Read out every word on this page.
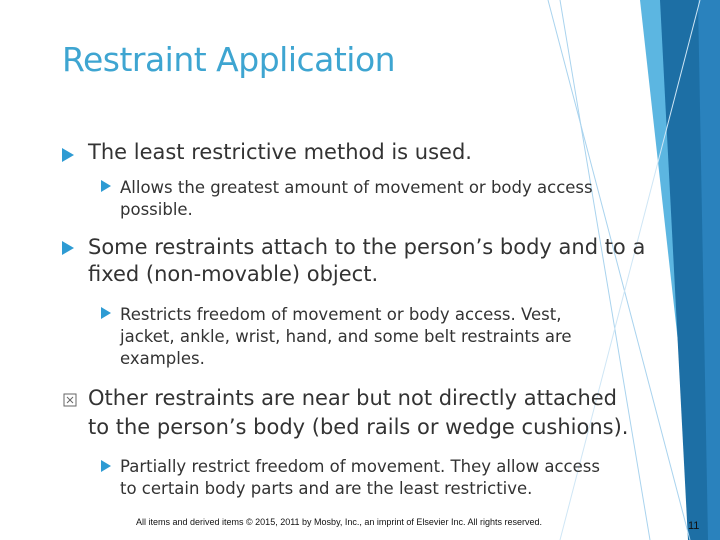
Restraint Application
The least restrictive method is used.
Allows the greatest amount of movement or body access
possible.
Some restraints attach to the person’s body and to a
fixed (non-movable) object.
Restricts freedom of movement or body access. Vest,
jacket, ankle, wrist, hand, and some belt restraints are
examples.
Other restraints are near but not directly attached
to the person’s body (bed rails or wedge cushions).
Partially restrict freedom of movement. They allow access
to certain body parts and are the least restrictive.
All items and derived items © 2015, 2011 by Mosby, Inc., an imprint of Elsevier Inc. All rights reserved.	11
